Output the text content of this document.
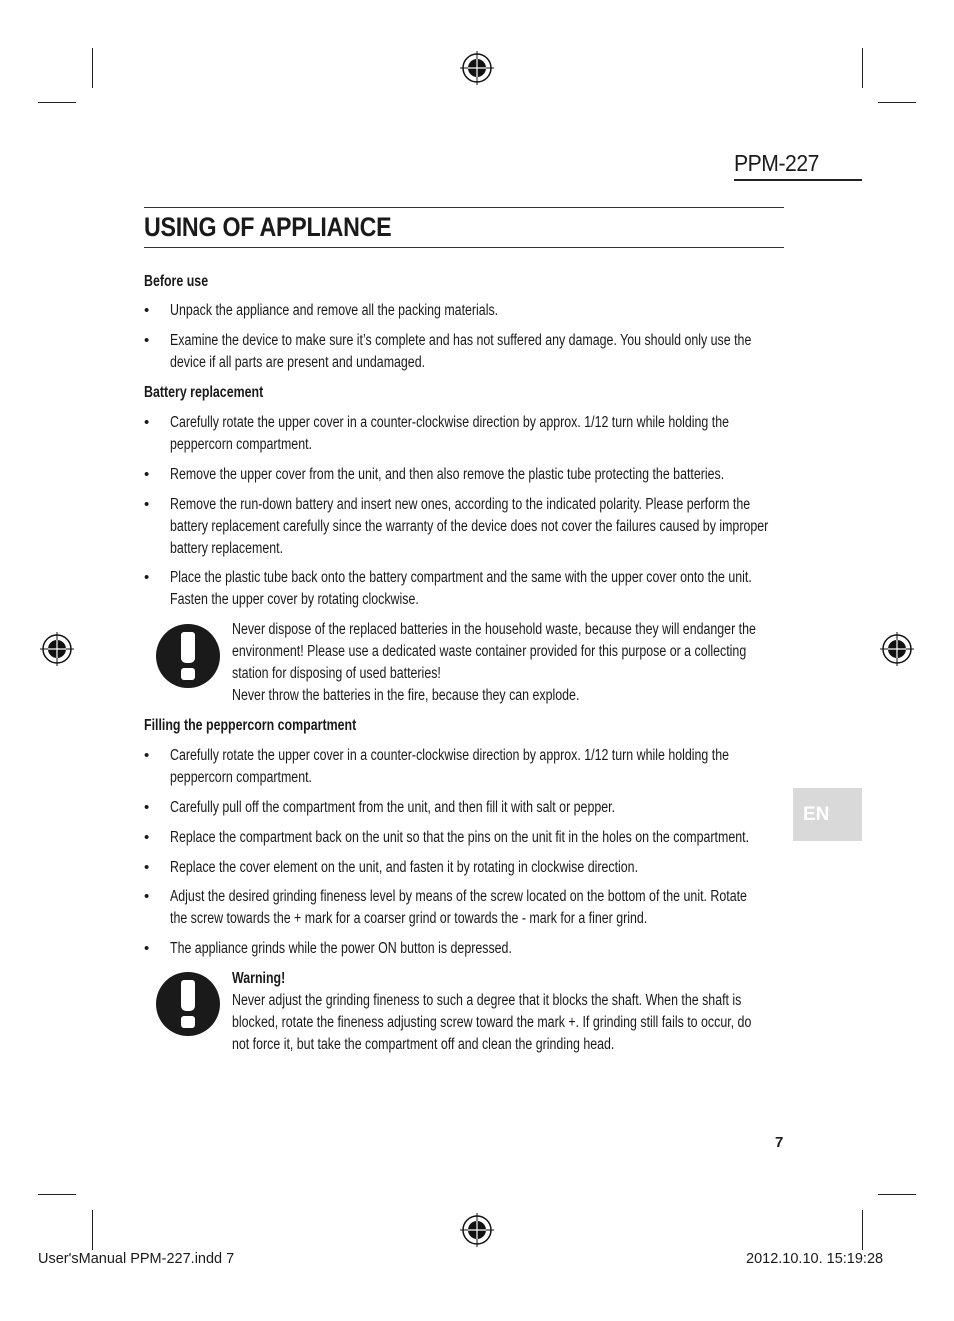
PPM-227
USING OF APPLIANCE
Before use
• Unpack the appliance and remove all the packing materials.
• Examine the device to make sure it’s complete and has not suffered any damage. You should only use the
device if all parts are present and undamaged.
Battery replacement
• Carefully rotate the upper cover in a counter-clockwise direction by approx. 1/12 turn while holding the
peppercorn compartment.
• Remove the upper cover from the unit, and then also remove the plastic tube protecting the batteries.
• Remove the run-down battery and insert new ones, according to the indicated polarity. Please perform the
battery replacement carefully since the warranty of the device does not cover the failures caused by improper
battery replacement.
• Place the plastic tube back onto the battery compartment and the same with the upper cover onto the unit.
Fasten the upper cover by rotating clockwise.
Never dispose of the replaced batteries in the household waste, because they will endanger the
environment! Please use a dedicated waste container provided for this purpose or a collecting
station for disposing of used batteries!
Never throw the batteries in the fire, because they can explode.
Filling the peppercorn compartment
• Carefully rotate the upper cover in a counter-clockwise direction by approx. 1/12 turn while holding the
peppercorn compartment.
• Carefully pull off the compartment from the unit, and then fill it with salt or pepper.
• Replace the compartment back on the unit so that the pins on the unit fit in the holes on the compartment.
• Replace the cover element on the unit, and fasten it by rotating in clockwise direction.
• Adjust the desired grinding fineness level by means of the screw located on the bottom of the unit. Rotate
the screw towards the + mark for a coarser grind or towards the - mark for a finer grind.
• The appliance grinds while the power ON button is depressed.
Warning!
Never adjust the grinding fineness to such a degree that it blocks the shaft. When the shaft is
blocked, rotate the fineness adjusting screw toward the mark +. If grinding still fails to occur, do
not force it, but take the compartment off and clean the grinding head.
EN
7
User'sManual PPM-227.indd 7	2012.10.10. 15:19:28
